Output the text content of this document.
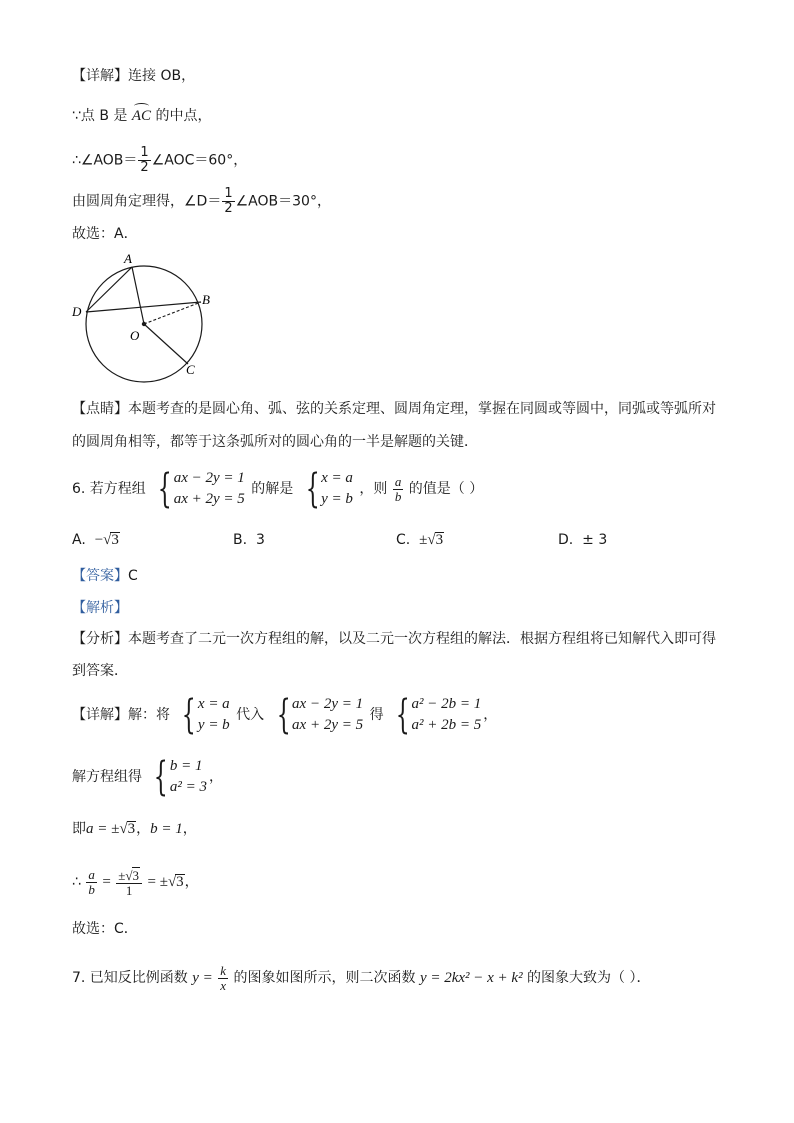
【详解】连接 OB，
∵点 B 是 AC 的中点，
∴∠AOB＝ $\frac{1}{2}$ ∠AOC＝60°，
由圆周角定理得，∠D＝ $\frac{1}{2}$ ∠AOB＝30°，
故选：A．
A
B
C
D
O
【点睛】本题考查的是圆心角、弧、弦的关系定理、圆周角定理，掌握在同圆或等圆中，同弧或等弧所对
的圆周角相等，都等于这条弧所对的圆心角的一半是解题的关键．
6. 若方程组 { ax − 2y = 1
ax + 2y = 5
的解是 { x = a
y = b
，则 $\frac{a}{b}$ 的值是（ ）
A. −√3	B. 3	C. ±√3	D. ± 3
【答案】C
【解析】
【分析】本题考查了二元一次方程组的解，以及二元一次方程组的解法．根据方程组将已知解代入即可得
到答案．
【详解】解：将 { x = a
y = b
代入 { ax − 2y = 1
ax + 2y = 5
得 { a² − 2b = 1
a² + 2b = 5
，
解方程组得 { b = 1
a² = 3
，
即a = ±√3，b = 1，
∴ $\frac{a}{b} = \frac{\pm√3}{1} = \pm√3$，
故选：C．
7. 已知反比例函数 $y = \frac{k}{x}$ 的图象如图所示，则二次函数 y = 2kx² − x + k² 的图象大致为（ ）．
